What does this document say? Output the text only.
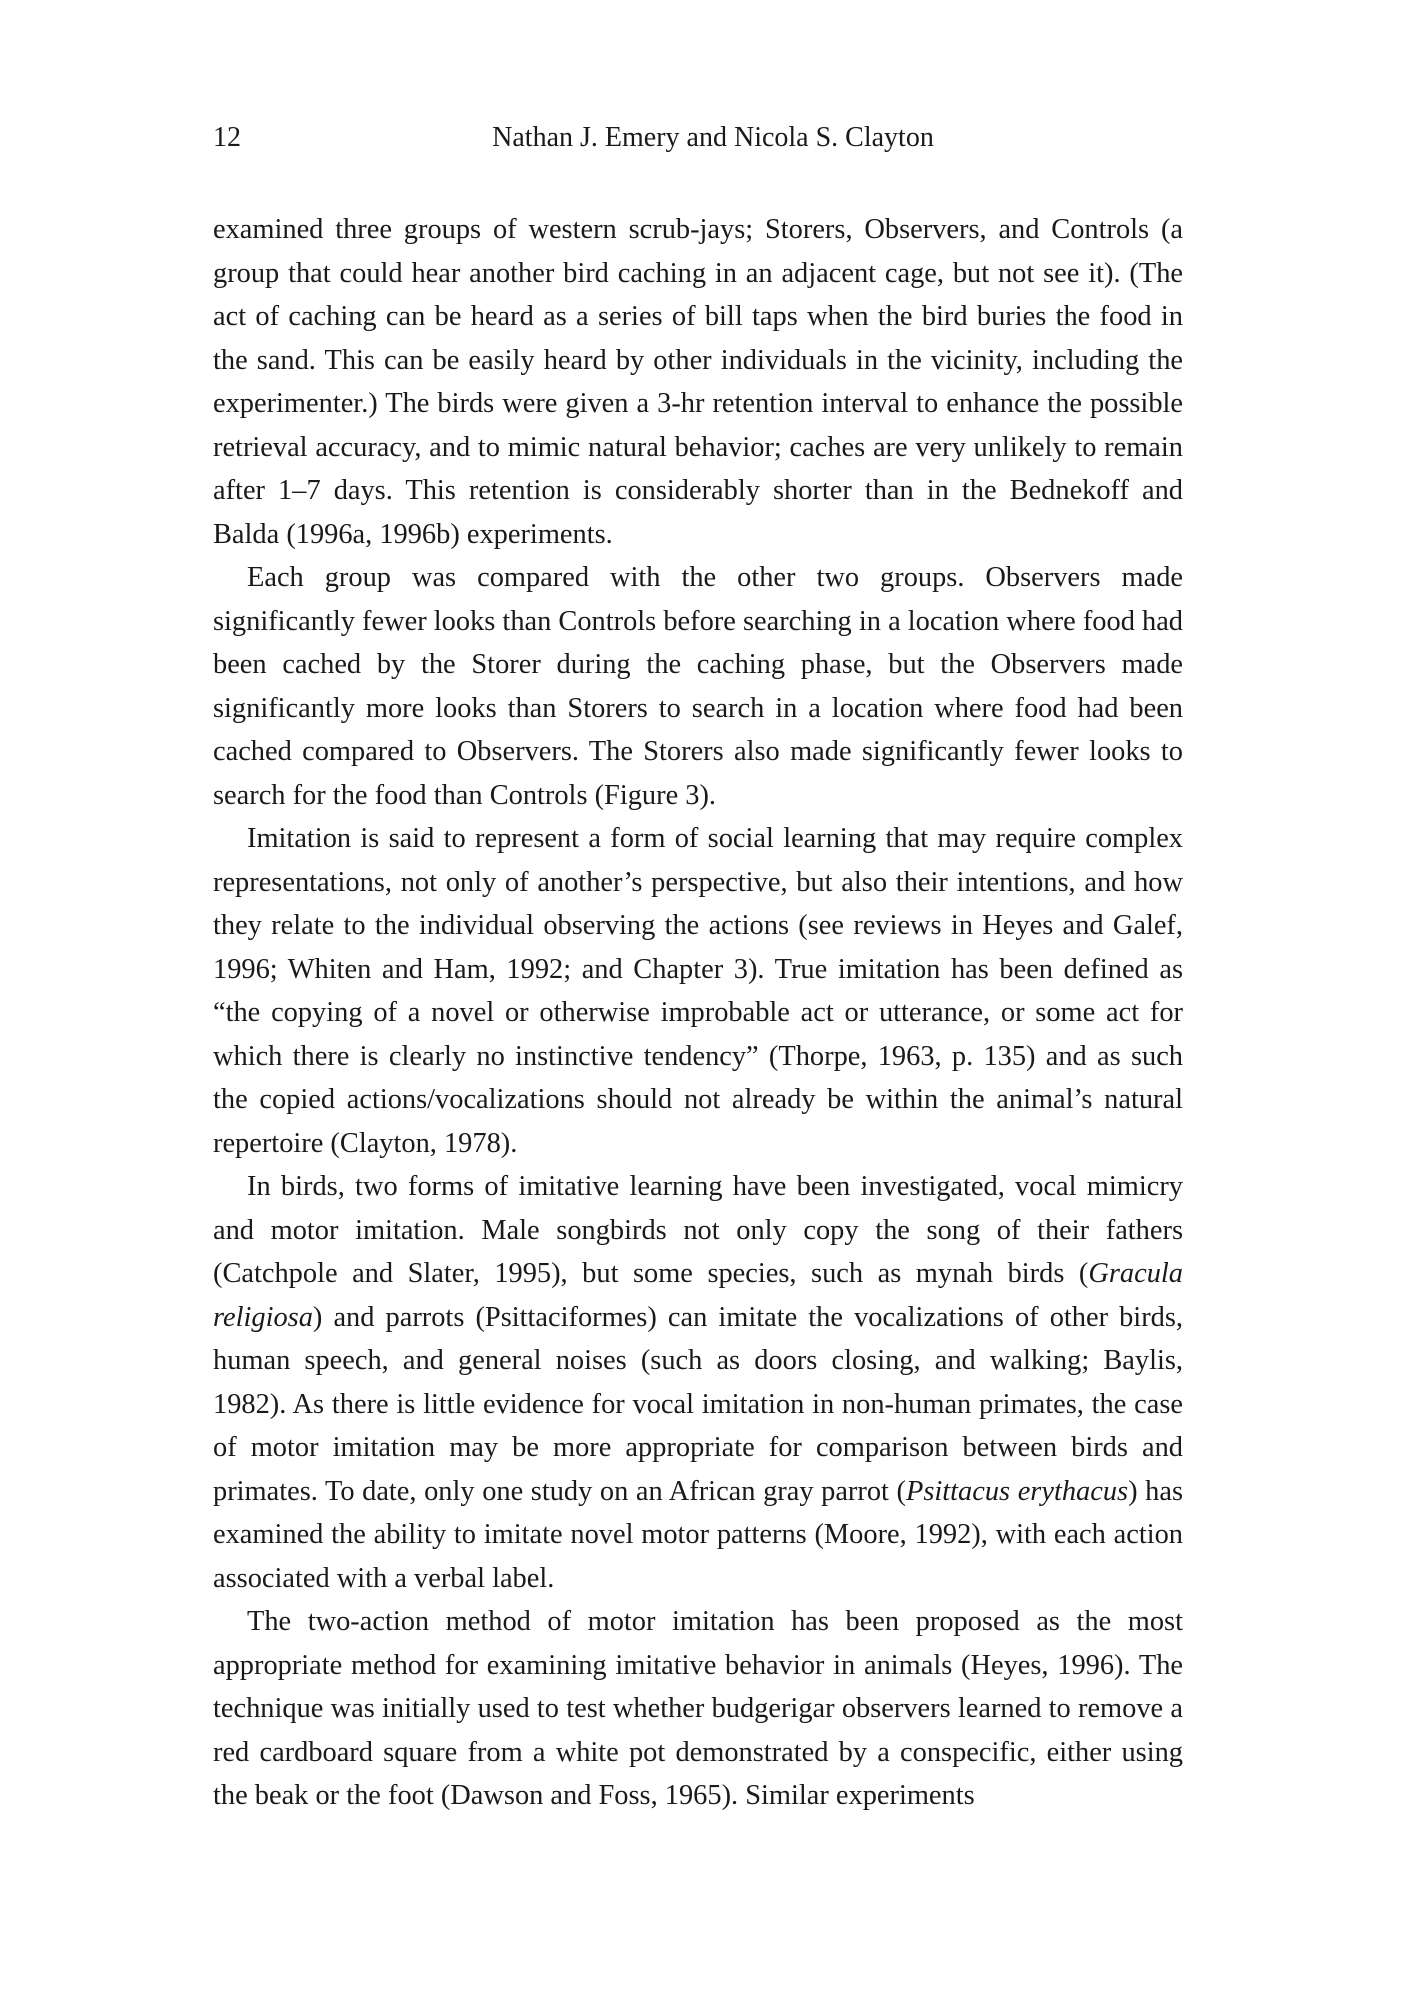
12	Nathan J. Emery and Nicola S. Clayton

examined three groups of western scrub-jays; Storers, Observers, and Controls (a group that could hear another bird caching in an adjacent cage, but not see it). (The act of caching can be heard as a series of bill taps when the bird buries the food in the sand. This can be easily heard by other individuals in the vicinity, including the experimenter.) The birds were given a 3-hr retention interval to enhance the possible retrieval accuracy, and to mimic natural behavior; caches are very unlikely to remain after 1–7 days. This retention is considerably shorter than in the Bednekoff and Balda (1996a, 1996b) experiments.

Each group was compared with the other two groups. Observers made significantly fewer looks than Controls before searching in a location where food had been cached by the Storer during the caching phase, but the Observers made significantly more looks than Storers to search in a location where food had been cached compared to Observers. The Storers also made significantly fewer looks to search for the food than Controls (Figure 3).

Imitation is said to represent a form of social learning that may require complex representations, not only of another’s perspective, but also their intentions, and how they relate to the individual observing the actions (see reviews in Heyes and Galef, 1996; Whiten and Ham, 1992; and Chapter 3). True imitation has been defined as “the copying of a novel or otherwise improbable act or utterance, or some act for which there is clearly no instinctive tendency” (Thorpe, 1963, p. 135) and as such the copied actions/vocalizations should not already be within the animal’s natural repertoire (Clayton, 1978).

In birds, two forms of imitative learning have been investigated, vocal mimicry and motor imitation. Male songbirds not only copy the song of their fathers (Catchpole and Slater, 1995), but some species, such as mynah birds (Gracula religiosa) and parrots (Psittaciformes) can imitate the vocalizations of other birds, human speech, and general noises (such as doors closing, and walking; Baylis, 1982). As there is little evidence for vocal imitation in non-human primates, the case of motor imitation may be more appropriate for comparison between birds and primates. To date, only one study on an African gray parrot (Psittacus erythacus) has examined the ability to imitate novel motor patterns (Moore, 1992), with each action associated with a verbal label.

The two-action method of motor imitation has been proposed as the most appropriate method for examining imitative behavior in animals (Heyes, 1996). The technique was initially used to test whether budgerigar observers learned to remove a red cardboard square from a white pot demonstrated by a conspecific, either using the beak or the foot (Dawson and Foss, 1965). Similar experiments
